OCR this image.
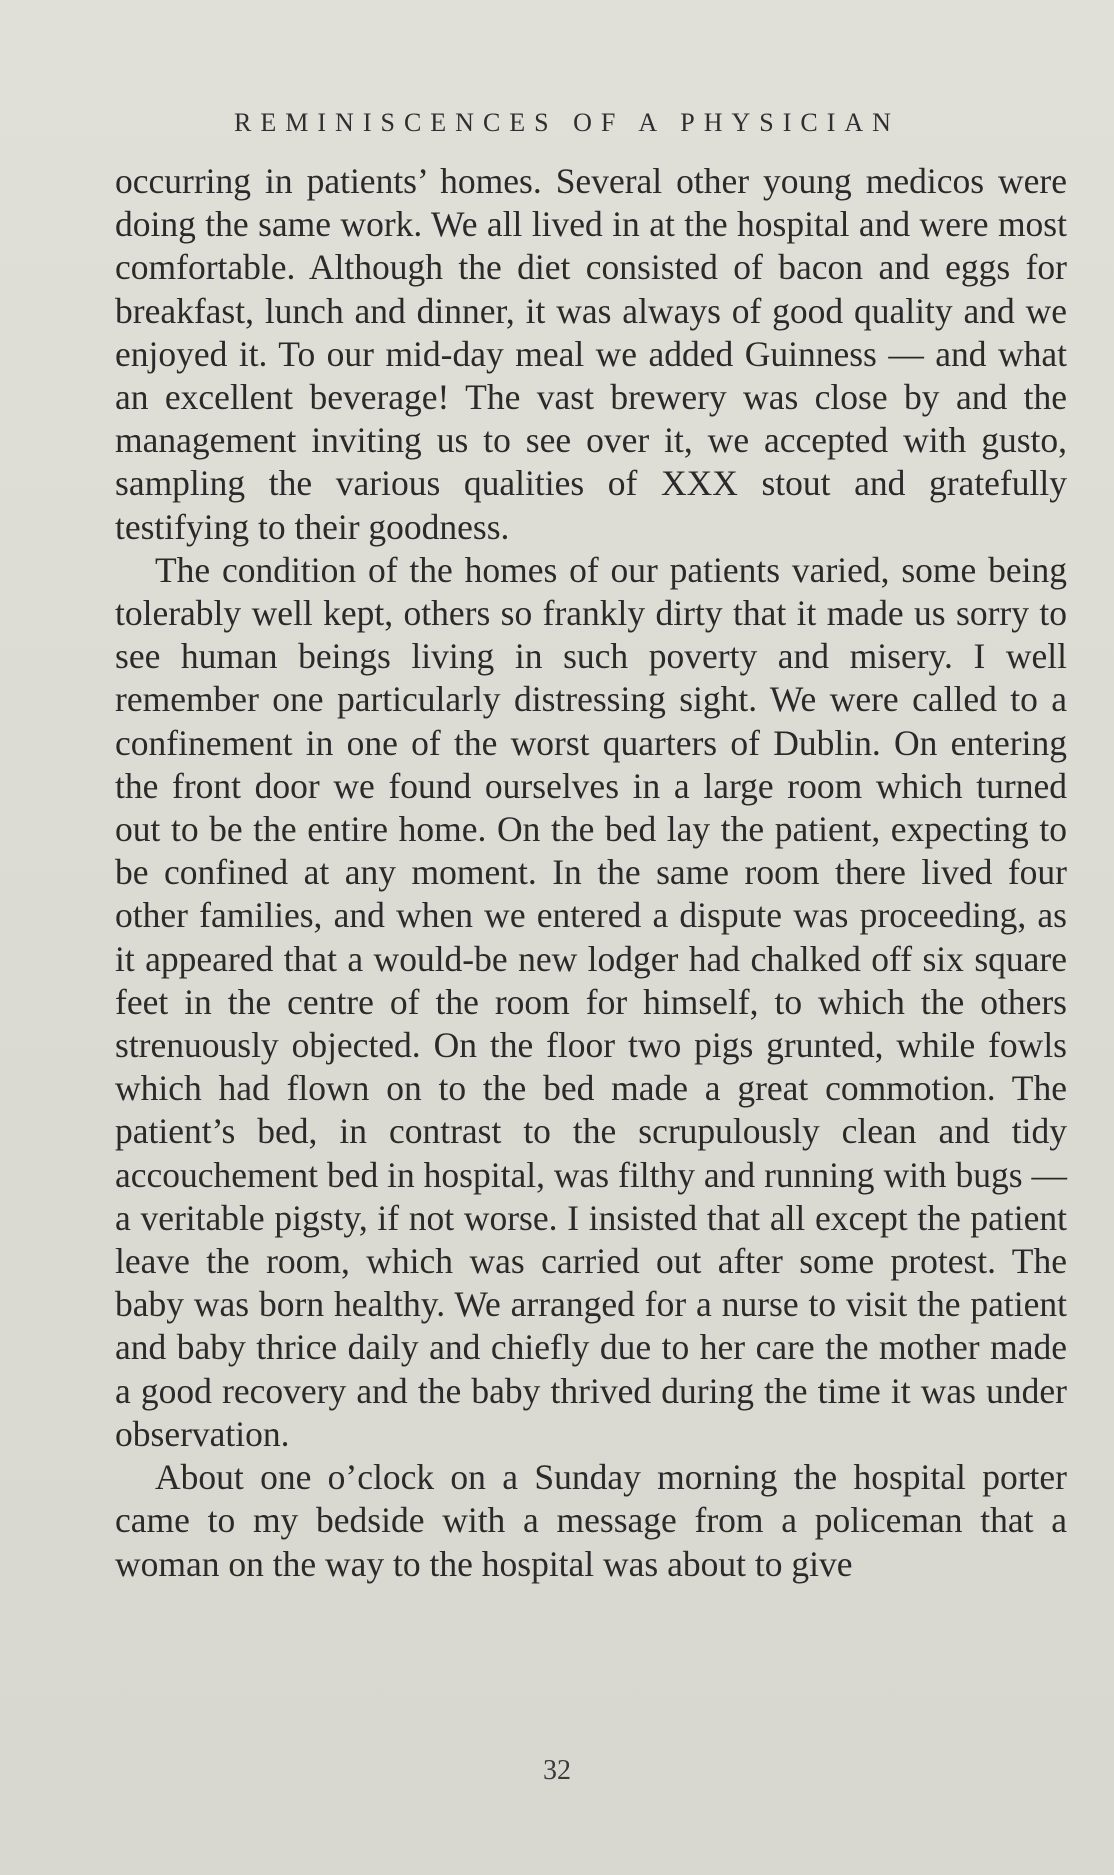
REMINISCENCES OF A PHYSICIAN

occurring in patients’ homes. Several other young medicos were doing the same work. We all lived in at the hospital and were most comfortable. Although the diet consisted of bacon and eggs for breakfast, lunch and dinner, it was always of good quality and we enjoyed it. To our mid-day meal we added Guinness — and what an excellent beverage! The vast brewery was close by and the management inviting us to see over it, we accepted with gusto, sampling the various qualities of XXX stout and gratefully testifying to their goodness.

The condition of the homes of our patients varied, some being tolerably well kept, others so frankly dirty that it made us sorry to see human beings living in such poverty and misery. I well remember one particularly distressing sight. We were called to a confinement in one of the worst quarters of Dublin. On entering the front door we found ourselves in a large room which turned out to be the entire home. On the bed lay the patient, expecting to be confined at any moment. In the same room there lived four other families, and when we entered a dispute was proceeding, as it appeared that a would-be new lodger had chalked off six square feet in the centre of the room for himself, to which the others strenuously objected. On the floor two pigs grunted, while fowls which had flown on to the bed made a great commotion. The patient’s bed, in contrast to the scrupulously clean and tidy accouchement bed in hospital, was filthy and running with bugs — a veritable pigsty, if not worse. I insisted that all except the patient leave the room, which was carried out after some protest. The baby was born healthy. We arranged for a nurse to visit the patient and baby thrice daily and chiefly due to her care the mother made a good recovery and the baby thrived during the time it was under observation.

About one o’clock on a Sunday morning the hospital porter came to my bedside with a message from a policeman that a woman on the way to the hospital was about to give

32
